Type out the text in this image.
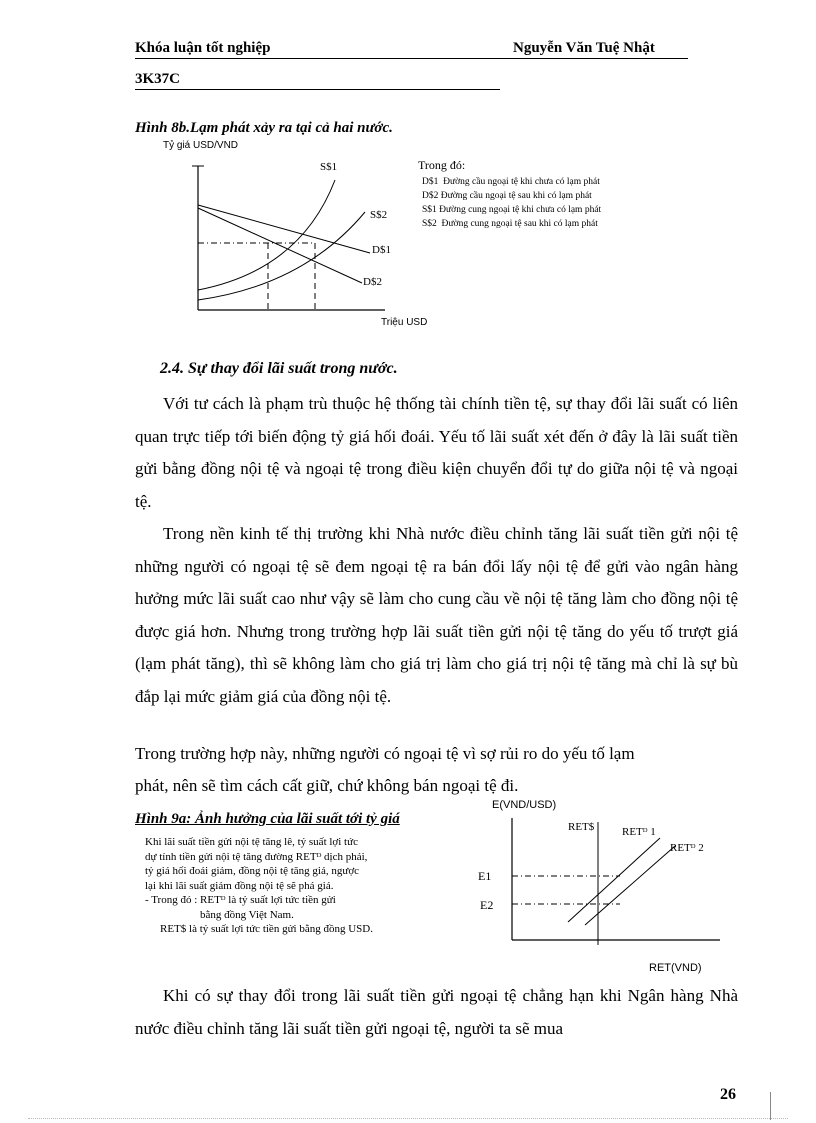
Khóa luận tốt nghiệp	Nguyễn Văn Tuệ Nhật
3K37C
Hình 8b.Lạm phát xảy ra tại cả hai nước.
Tỷ giá USD/VND
S$1
S$2
D$1
D$2
Triệu USD
Trong đó:
D$1 Đường cầu ngoại tệ khi chưa có lạm phát
D$2 Đường cầu ngoại tệ sau khi có lạm phát
S$1 Đường cung ngoại tệ khi chưa có lạm phát
S$2 Đường cung ngoại tệ sau khi có lạm phát
2.4. Sự thay đổi lãi suất trong nước.

Với tư cách là phạm trù thuộc hệ thống tài chính tiền tệ, sự thay đổi lãi suất có liên quan trực tiếp tới biến động tỷ giá hối đoái. Yếu tố lãi suất xét đến ở đây là lãi suất tiền gửi bằng đồng nội tệ và ngoại tệ trong điều kiện chuyển đổi tự do giữa nội tệ và ngoại tệ.

Trong nền kinh tế thị trường khi Nhà nước điều chỉnh tăng lãi suất tiền gửi nội tệ những người có ngoại tệ sẽ đem ngoại tệ ra bán đổi lấy nội tệ để gửi vào ngân hàng hưởng mức lãi suất cao như vậy sẽ làm cho cung cầu về nội tệ tăng làm cho đồng nội tệ được giá hơn. Nhưng trong trường hợp lãi suất tiền gửi nội tệ tăng do yếu tố trượt giá (lạm phát tăng), thì sẽ không làm cho giá trị làm cho giá trị nội tệ tăng mà chỉ là sự bù đắp lại mức giảm giá của đồng nội tệ.

Trong trường hợp này, những người có ngoại tệ vì sợ rủi ro do yếu tố lạm
phát, nên sẽ tìm cách cất giữ, chứ không bán ngoại tệ đi.
Hình 9a: Ảnh hưởng của lãi suất tới tỷ giá
Khi lãi suất tiền gửi nội tệ tăng lê, tỷ suất lợi tức
dự tính tiền gửi nội tệ tăng đường RETᴰ dịch phải,
tỷ giá hối đoái giảm, đồng nội tệ tăng giá, ngược
lại khi lãi suất giảm đồng nội tệ sẽ phá giá.
- Trong đó : RETᴰ là tỷ suất lợi tức tiền gửi
bằng đồng Việt Nam.
RET$ là tỷ suất lợi tức tiền gửi bằng đồng USD.
E(VND/USD)
RET$	RETᴰ 1
RETᴰ 2
E1
E2
RET(VND)

Khi có sự thay đổi trong lãi suất tiền gửi ngoại tệ chẳng hạn khi Ngân hàng Nhà nước điều chỉnh tăng lãi suất tiền gửi ngoại tệ, người ta sẽ mua

26
